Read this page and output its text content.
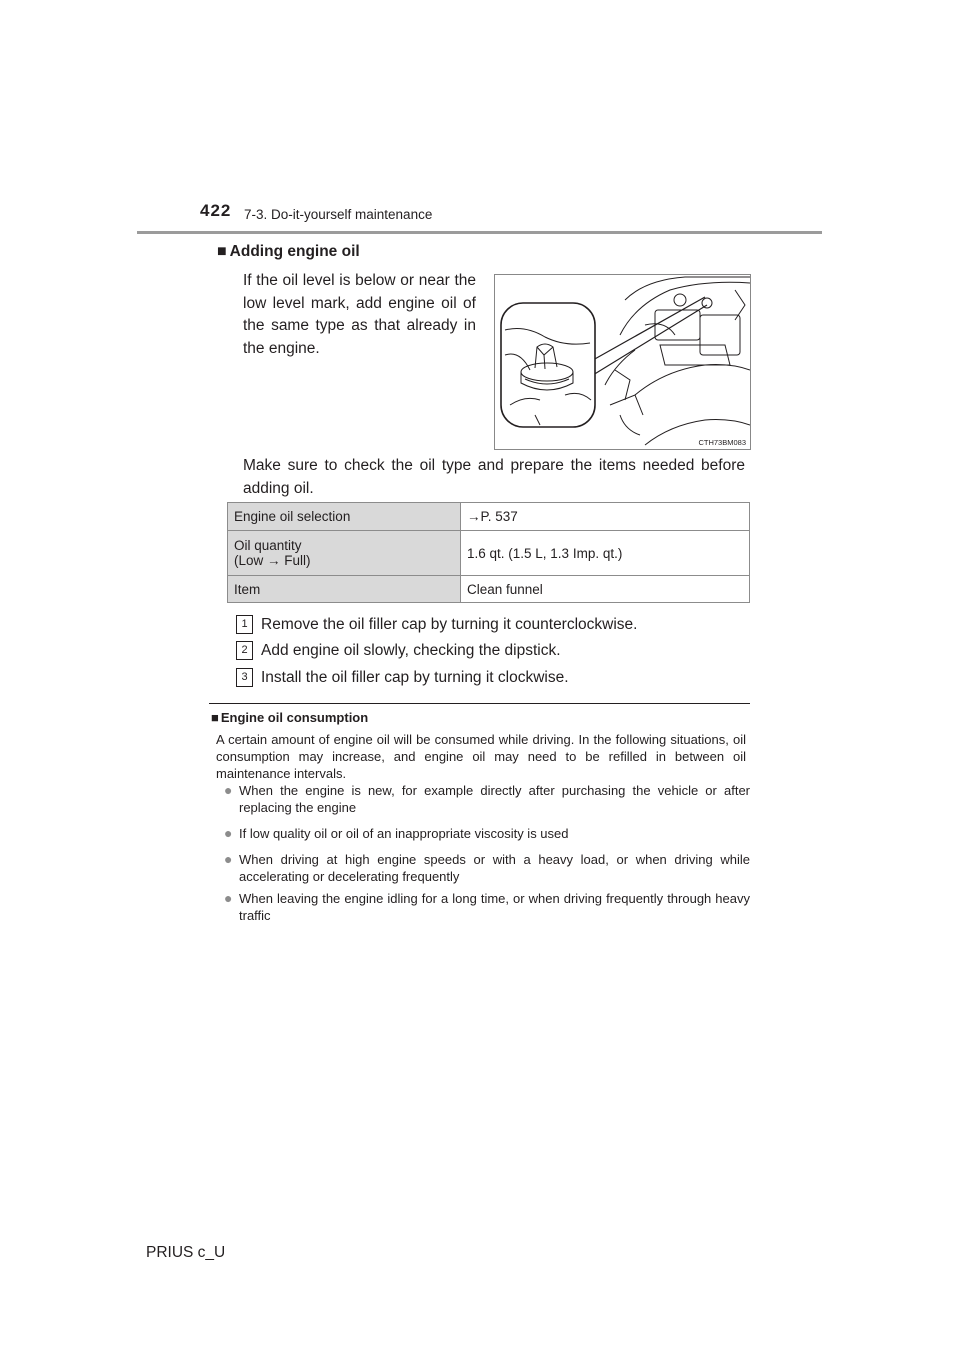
422 7-3. Do-it-yourself maintenance
■ Adding engine oil
If the oil level is below or near the low level mark, add engine oil of the same type as that already in the engine.
CTH73BM083
Make sure to check the oil type and prepare the items needed before adding oil.
Engine oil selection	→P. 537

Oil quantity
(Low → Full)	1.6 qt. (1.5 L, 1.3 Imp. qt.)
Item	Clean funnel
1 Remove the oil filler cap by turning it counterclockwise.
2 Add engine oil slowly, checking the dipstick.
3 Install the oil filler cap by turning it clockwise.
■ Engine oil consumption
A certain amount of engine oil will be consumed while driving. In the following situations, oil consumption may increase, and engine oil may need to be refilled in between oil maintenance intervals.
● When the engine is new, for example directly after purchasing the vehicle or after replacing the engine
● If low quality oil or oil of an inappropriate viscosity is used
● When driving at high engine speeds or with a heavy load, or when driving while accelerating or decelerating frequently
● When leaving the engine idling for a long time, or when driving frequently through heavy traffic
PRIUS c_U
